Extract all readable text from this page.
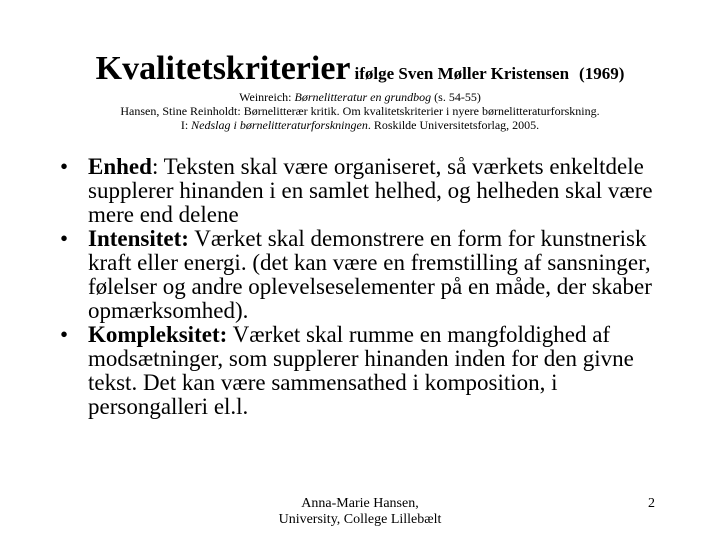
Kvalitetskriterier ifølge Sven Møller Kristensen (1969)
Weinreich: Børnelitteratur en grundbog (s. 54-55)
Hansen, Stine Reinholdt: Børnelitterær kritik. Om kvalitetskriterier i nyere børnelitteraturforskning.
I: Nedslag i børnelitteraturforskningen. Roskilde Universitetsforlag, 2005.
• Enhed: Teksten skal være organiseret, så værkets enkeltdele supplerer hinanden i en samlet helhed, og helheden skal være mere end delene
• Intensitet: Værket skal demonstrere en form for kunstnerisk kraft eller energi. (det kan være en fremstilling af sansninger, følelser og andre oplevelseselementer på en måde, der skaber opmærksomhed).
• Kompleksitet: Værket skal rumme en mangfoldighed af modsætninger, som supplerer hinanden inden for den givne tekst. Det kan være sammensathed i komposition, i persongalleri el.l.
Anna-Marie Hansen,
University, College Lillebælt
2
